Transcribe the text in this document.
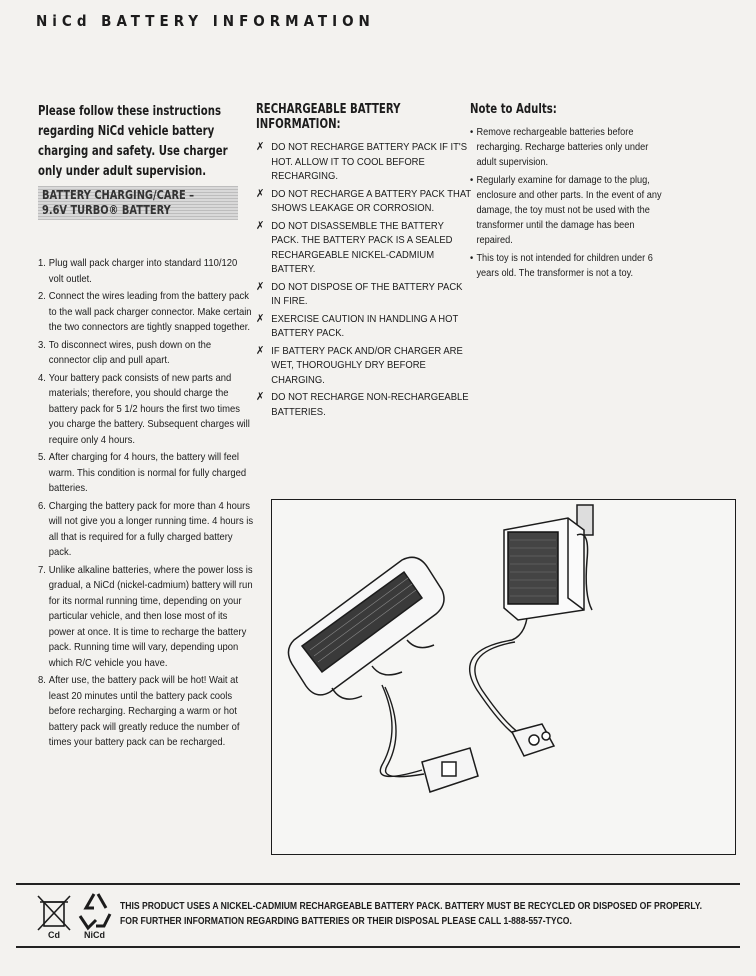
NiCd BATTERY INFORMATION
Please follow these instructions regarding NiCd vehicle battery charging and safety. Use charger only under adult supervision.
BATTERY CHARGING/CARE –
9.6V TURBO® BATTERY
1. Plug wall pack charger into standard 110/120 volt outlet.
2. Connect the wires leading from the battery pack to the wall pack charger connector. Make certain the two connectors are tightly snapped together.
3. To disconnect wires, push down on the connector clip and pull apart.
4. Your battery pack consists of new parts and materials; therefore, you should charge the battery pack for 5 1/2 hours the first two times you charge the battery. Subsequent charges will require only 4 hours.
5. After charging for 4 hours, the battery will feel warm. This condition is normal for fully charged batteries.
6. Charging the battery pack for more than 4 hours will not give you a longer running time. 4 hours is all that is required for a fully charged battery pack.
7. Unlike alkaline batteries, where the power loss is gradual, a NiCd (nickel-cadmium) battery will run for its normal running time, depending on your particular vehicle, and then lose most of its power at once. It is time to recharge the battery pack. Running time will vary, depending upon which R/C vehicle you have.
8. After use, the battery pack will be hot! Wait at least 20 minutes until the battery pack cools before recharging. Recharging a warm or hot battery pack will greatly reduce the number of times your battery pack can be recharged.
RECHARGEABLE BATTERY INFORMATION:
✗ DO NOT RECHARGE BATTERY PACK IF IT'S HOT. ALLOW IT TO COOL BEFORE RECHARGING.
✗ DO NOT RECHARGE A BATTERY PACK THAT SHOWS LEAKAGE OR CORROSION.
✗ DO NOT DISASSEMBLE THE BATTERY PACK. THE BATTERY PACK IS A SEALED RECHARGEABLE NICKEL-CADMIUM BATTERY.
✗ DO NOT DISPOSE OF THE BATTERY PACK IN FIRE.
✗ EXERCISE CAUTION IN HANDLING A HOT BATTERY PACK.
✗ IF BATTERY PACK AND/OR CHARGER ARE WET, THOROUGHLY DRY BEFORE CHARGING.
✗ DO NOT RECHARGE NON-RECHARGEABLE BATTERIES.
Note to Adults:
• Remove rechargeable batteries before recharging. Recharge batteries only under adult supervision.
• Regularly examine for damage to the plug, enclosure and other parts. In the event of any damage, the toy must not be used with the transformer until the damage has been repaired.
• This toy is not intended for children under 6 years old. The transformer is not a toy.
Cd	NiCd
THIS PRODUCT USES A NICKEL-CADMIUM RECHARGEABLE BATTERY PACK. BATTERY MUST BE RECYCLED OR DISPOSED OF PROPERLY.
FOR FURTHER INFORMATION REGARDING BATTERIES OR THEIR DISPOSAL PLEASE CALL 1-888-557-TYCO.
